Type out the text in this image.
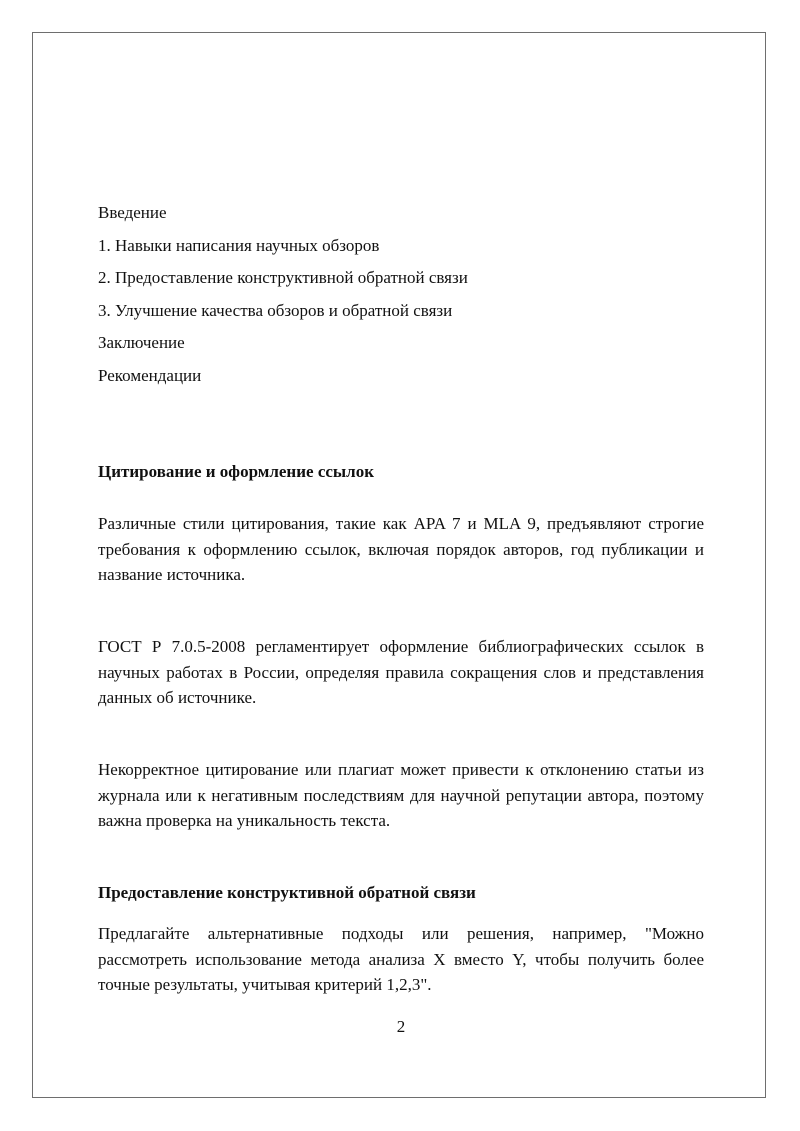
Введение
1. Навыки написания научных обзоров
2. Предоставление конструктивной обратной связи
3. Улучшение качества обзоров и обратной связи
Заключение
Рекомендации
Цитирование и оформление ссылок
Различные стили цитирования, такие как APA 7 и MLA 9, предъявляют строгие требования к оформлению ссылок, включая порядок авторов, год публикации и название источника.
ГОСТ Р 7.0.5-2008 регламентирует оформление библиографических ссылок в научных работах в России, определяя правила сокращения слов и представления данных об источнике.
Некорректное цитирование или плагиат может привести к отклонению статьи из журнала или к негативным последствиям для научной репутации автора, поэтому важна проверка на уникальность текста.
Предоставление конструктивной обратной связи
Предлагайте альтернативные подходы или решения, например, "Можно рассмотреть использование метода анализа X вместо Y, чтобы получить более точные результаты, учитывая критерий 1,2,3".
2
